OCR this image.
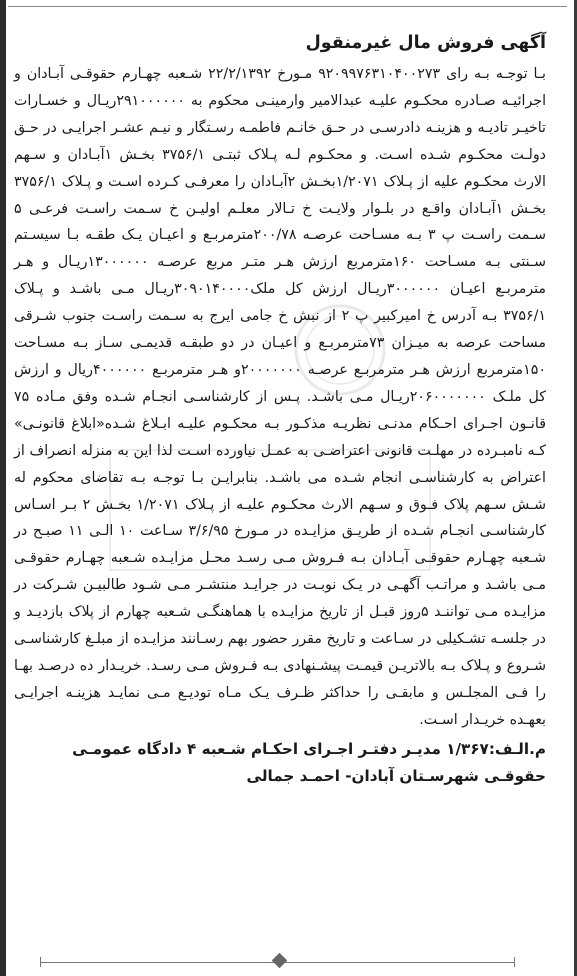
آگهی فروش مال غیرمنقول

بـا توجـه بـه رای ۹۲۰۹۹۷۶۳۱۰۴۰۰۲۷۳ مـورخ ۲۲/۲/۱۳۹۲ شـعبه چهـارم حقوقـی آبـادان و اجرائیـه صـادره محکـوم علیـه عبدالامیر وارمینـی محکوم به ۲۹۱۰۰۰۰۰۰ریـال و خسـارات تاخیـر تادیـه و هزینـه دادرسـی در حـق خانـم فاطمـه رسـتگار و نیـم عشـر اجرایـی در حـق دولـت محکـوم شـده اسـت. و محکـوم لـه پـلاک ثبتـی ۳۷۵۶/۱ بخـش ۱آبـادان و سـهم الارث محکـوم علیه از پـلاک ۱/۲۰۷۱بخـش ۲آبـادان را معرفـی کـرده اسـت و پـلاک ۳۷۵۶/۱ بخـش ۱آبـادان واقـع در بلـوار ولایـت خ تـالار معلـم اولیـن خ سـمت راسـت فرعـی ۵ سـمت راسـت پ ۳ بـه مسـاحت عرصـه ۲۰۰/۷۸مترمربـع و اعیـان یـک طقـه بـا سیسـتم سـنتی بـه مسـاحت ۱۶۰مترمربع ارزش هـر متـر مربع عرصـه ۱۳۰۰۰۰۰۰ریـال و هـر مترمربـع اعیـان ۳۰۰۰۰۰۰ریـال ارزش کل ملک۳۰۹۰۱۴۰۰۰۰ریـال مـی باشـد و پـلاک ۳۷۵۶/۱ بـه آدرس خ امیرکبیر پ ۲ از نبش خ جامی ایرج به سـمت راسـت جنوب شـرقی مساحت عرصه به میـزان ۷۳مترمربـع و اعیـان در دو طبقـه قدیمـی سـاز بـه مسـاحت ۱۵۰مترمربع ارزش هـر مترمربـع عرصـه ۲۰۰۰۰۰۰۰و هـر مترمربـع ۴۰۰۰۰۰۰ریال و ارزش کل ملـک ۲۰۶۰۰۰۰۰۰۰ریـال مـی باشـد. پـس از کارشناسـی انجـام شـده وفق مـاده ۷۵ قانـون اجـرای احـکام مدنـی نظریـه مذکـور بـه محکـوم علیـه ابـلاغ شـده«ابلاغ قانونـی» کـه نامبـرده در مهلـت قانونی اعتراضـی به عمـل نیاورده اسـت لذا این به منزله انصراف از اعتراض به کارشناسـی انجام شـده می باشـد. بنابرایـن بـا توجـه بـه تقاضای محکوم له شـش سـهم پلاک فـوق و سـهم الارث محکـوم علیـه از پـلاک ۱/۲۰۷۱ بخـش ۲ بـر اسـاس کارشناسـی انجـام شـده از طریـق مزایـده در مـورخ ۳/۶/۹۵ سـاعت ۱۰ الـی ۱۱ صبـح در شـعبه چهـارم حقوقـی آبـادان بـه فـروش مـی رسـد محـل مزایـده شـعبه چهـارم حقوقـی مـی باشـد و مراتـب آگهـی در یـک نوبـت در جرایـد منتشـر مـی شـود طالبیـن شـرکت در مزایـده مـی تواننـد ۵روز قبـل از تاریخ مزایـده با هماهنگـی شـعبه چهارم از پلاک بازدیـد و در جلسـه تشـکیلی در سـاعت و تاریخ مقرر حضور بهم رسـانند مزایـده از مبلـغ کارشناسـی شـروع و پـلاک بـه بالاتریـن قیمـت پیشـنهادی بـه فـروش مـی رسـد. خریـدار ده درصـد بهـا را فـی المجلـس و مابقـی را حداکثر ظـرف یـک مـاه تودیـع مـی نمایـد هزینـه اجرایـی بعهـده خریـدار اسـت.

م.الـف:۱/۳۶۷ مدیـر دفتـر اجـرای احکـام شـعبه ۴ دادگاه عمومـی
حقوقـی شهرسـتان آبادان- احمـد جمالی
